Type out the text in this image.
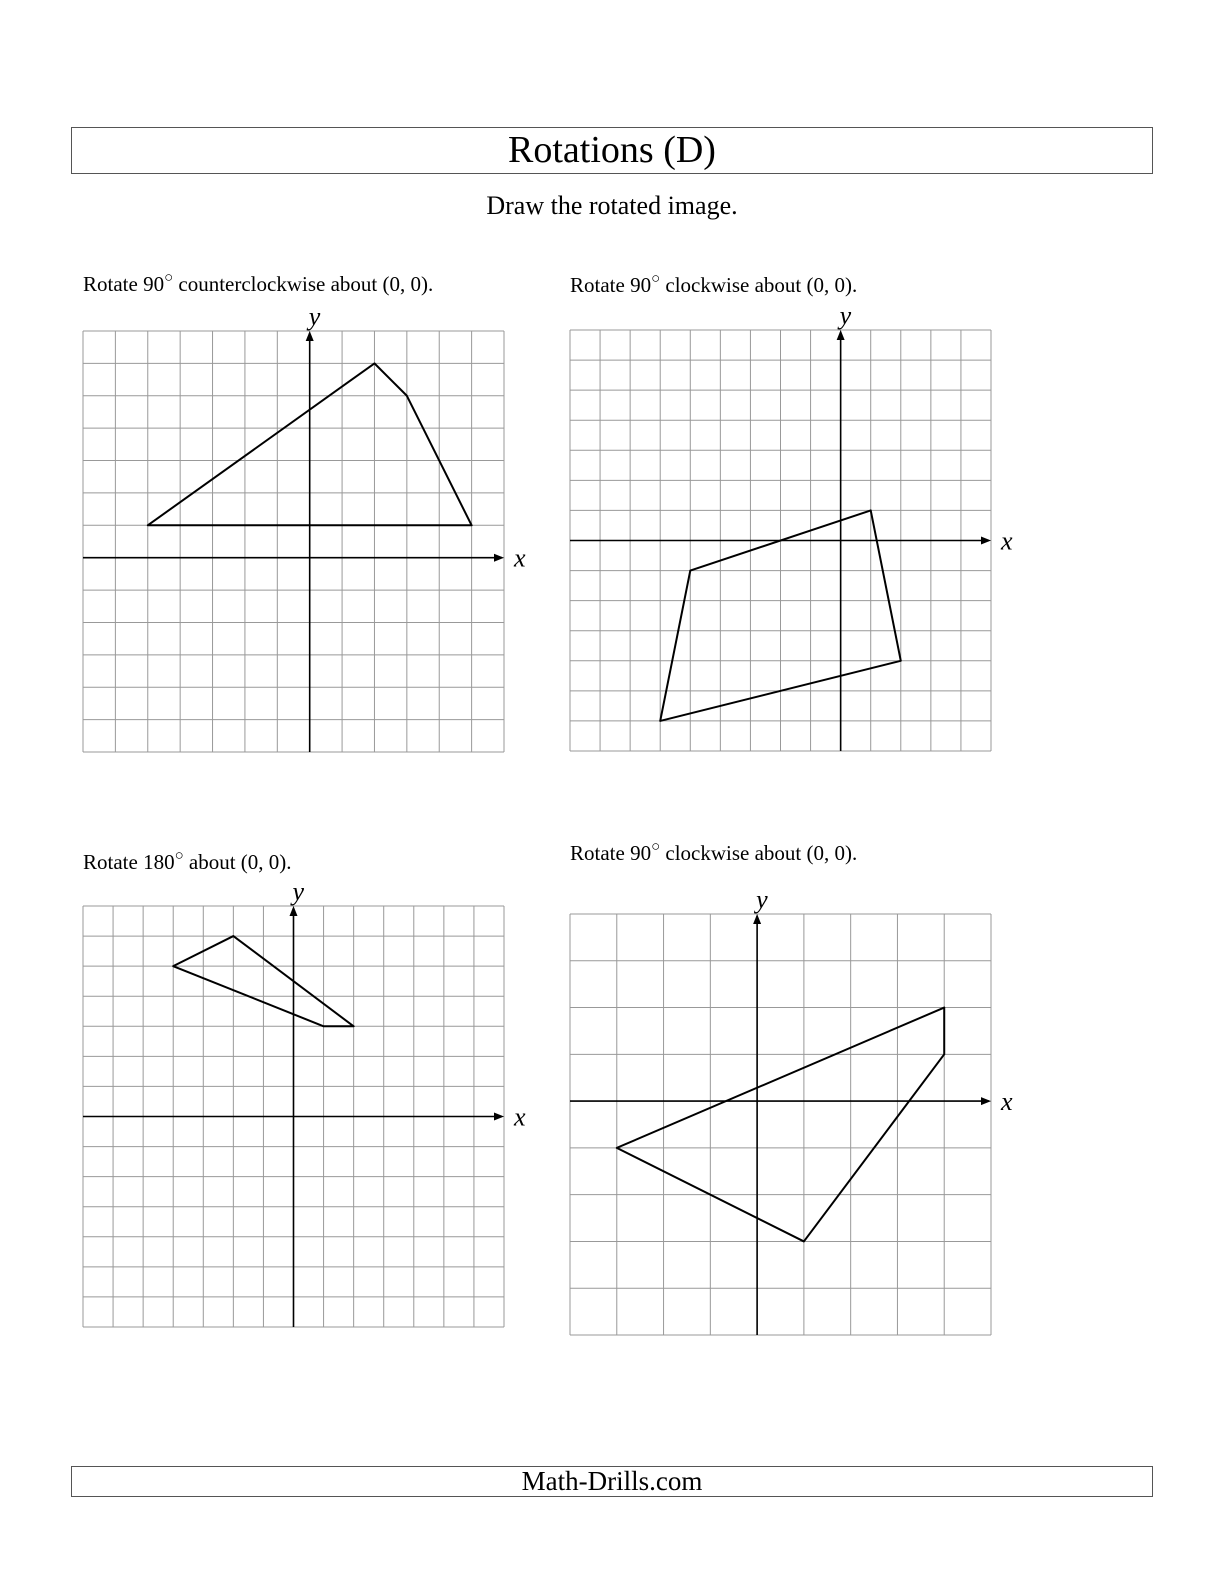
Rotations (D)
Draw the rotated image.
Rotate 90○ counterclockwise about (0, 0).	Rotate 90○ clockwise about (0, 0).
Rotate 180○ about (0, 0).	Rotate 90○ clockwise about (0, 0).
x
y
x
y
x
y
x
y
Math-Drills.com
